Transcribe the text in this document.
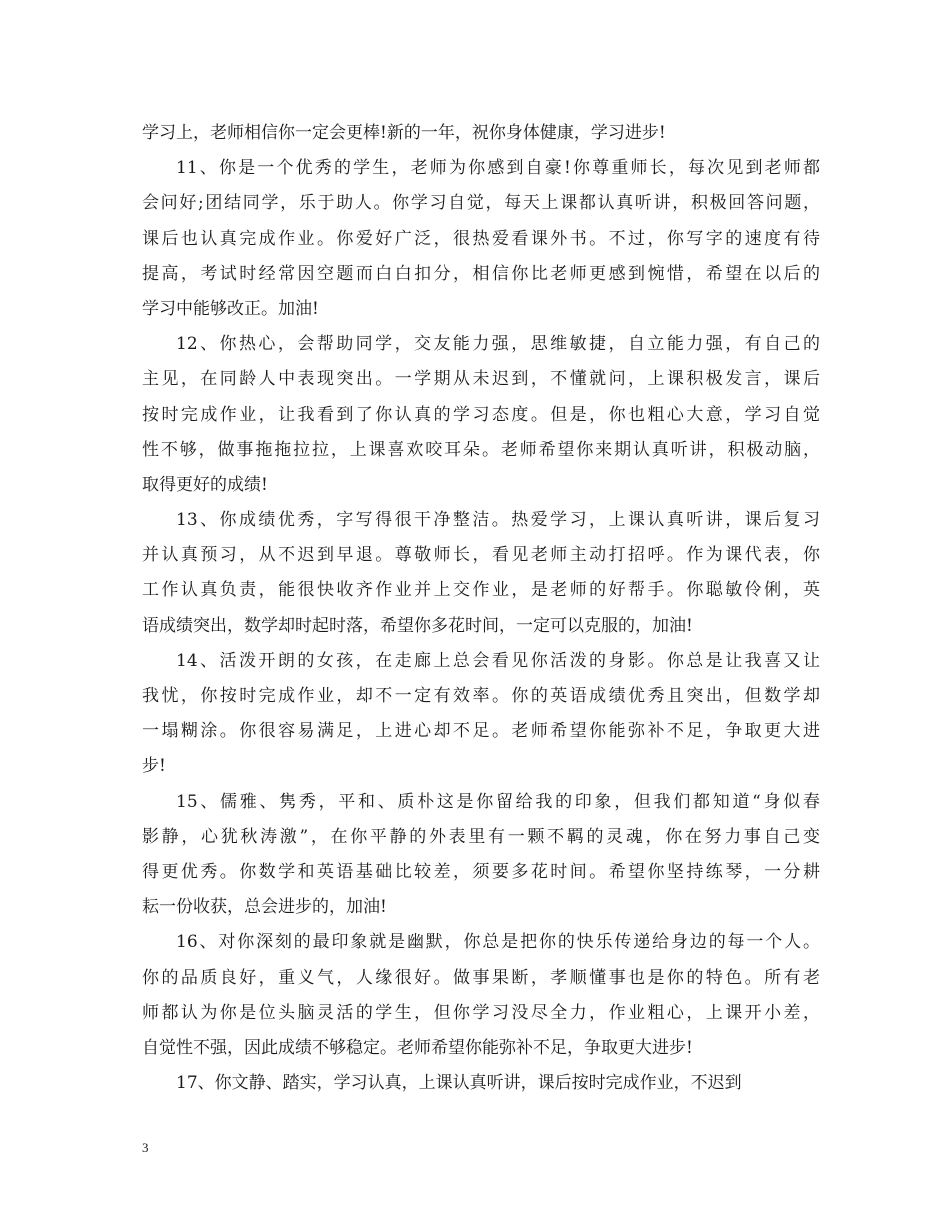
学习上，老师相信你一定会更棒!新的一年，祝你身体健康，学习进步!
11、你是一个优秀的学生，老师为你感到自豪!你尊重师长，每次见到老师都
会问好;团结同学，乐于助人。你学习自觉，每天上课都认真听讲，积极回答问题，
课后也认真完成作业。你爱好广泛，很热爱看课外书。不过，你写字的速度有待
提高，考试时经常因空题而白白扣分，相信你比老师更感到惋惜，希望在以后的
学习中能够改正。加油!
12、你热心，会帮助同学，交友能力强，思维敏捷，自立能力强，有自己的
主见，在同龄人中表现突出。一学期从未迟到，不懂就问，上课积极发言，课后
按时完成作业，让我看到了你认真的学习态度。但是，你也粗心大意，学习自觉
性不够，做事拖拖拉拉，上课喜欢咬耳朵。老师希望你来期认真听讲，积极动脑，
取得更好的成绩!
13、你成绩优秀，字写得很干净整洁。热爱学习，上课认真听讲，课后复习
并认真预习，从不迟到早退。尊敬师长，看见老师主动打招呼。作为课代表，你
工作认真负责，能很快收齐作业并上交作业，是老师的好帮手。你聪敏伶俐，英
语成绩突出，数学却时起时落，希望你多花时间，一定可以克服的，加油!
14、活泼开朗的女孩，在走廊上总会看见你活泼的身影。你总是让我喜又让
我忧，你按时完成作业，却不一定有效率。你的英语成绩优秀且突出，但数学却
一塌糊涂。你很容易满足，上进心却不足。老师希望你能弥补不足，争取更大进
步!
15、儒雅、隽秀，平和、质朴这是你留给我的印象，但我们都知道“身似春
影静，心犹秋涛激”，在你平静的外表里有一颗不羁的灵魂，你在努力事自己变
得更优秀。你数学和英语基础比较差，须要多花时间。希望你坚持练琴，一分耕
耘一份收获，总会进步的，加油!
16、对你深刻的最印象就是幽默，你总是把你的快乐传递给身边的每一个人。
你的品质良好，重义气，人缘很好。做事果断，孝顺懂事也是你的特色。所有老
师都认为你是位头脑灵活的学生，但你学习没尽全力，作业粗心，上课开小差，
自觉性不强，因此成绩不够稳定。老师希望你能弥补不足，争取更大进步!
17、你文静、踏实，学习认真，上课认真听讲，课后按时完成作业，不迟到
3
